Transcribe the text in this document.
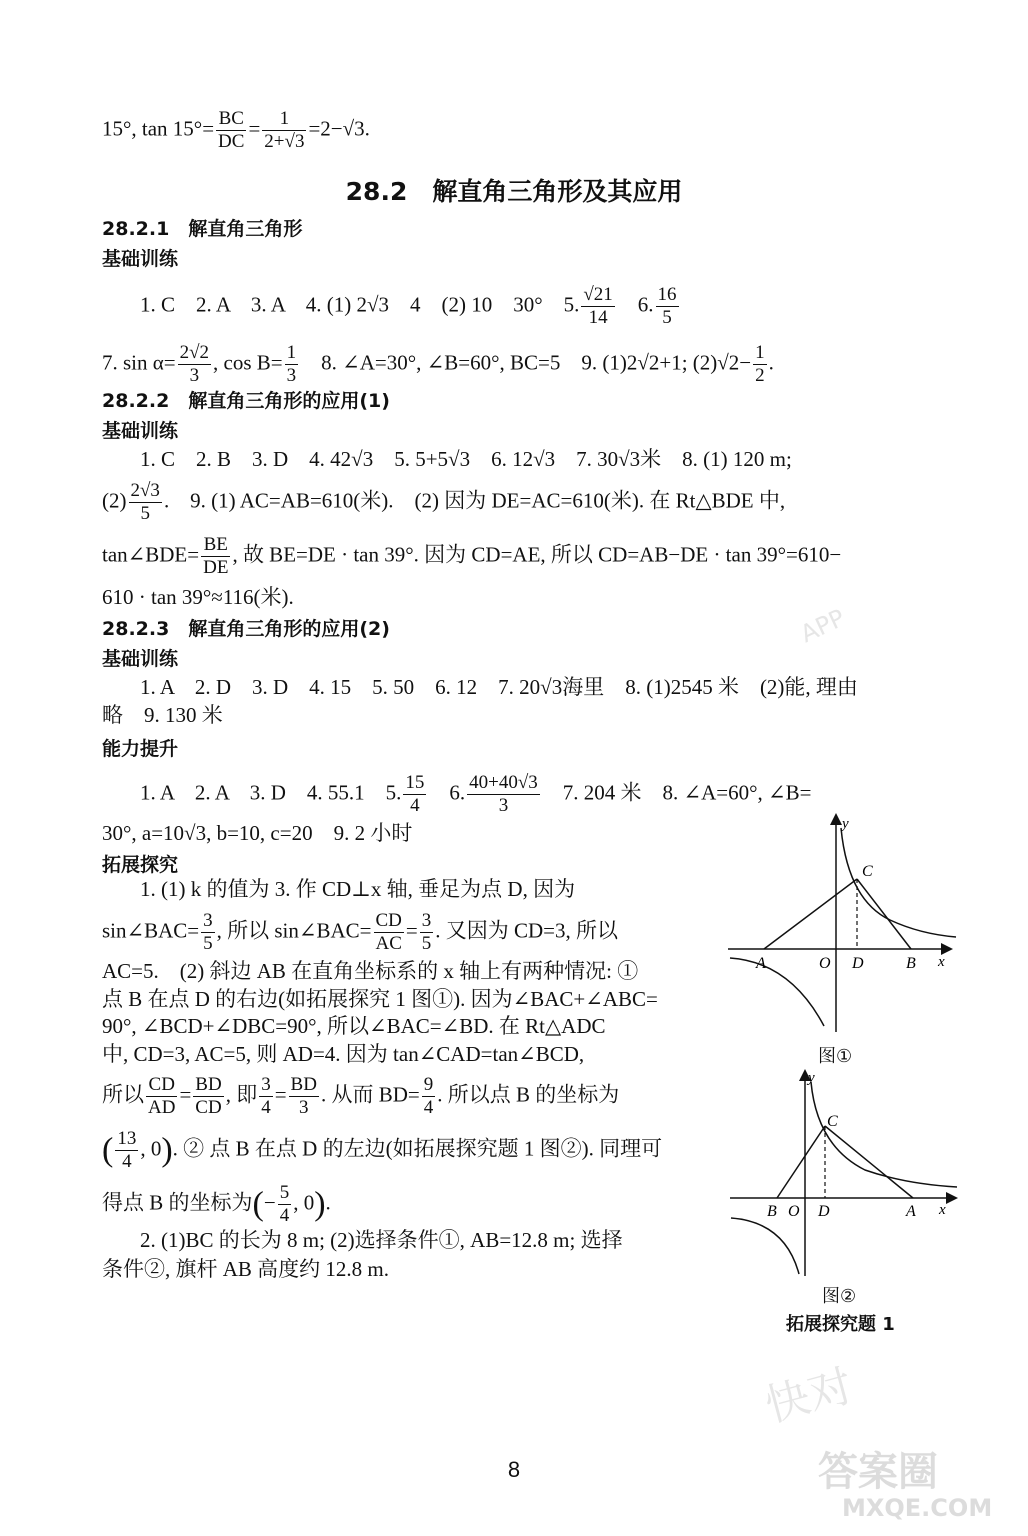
15°, $\tan 15^\circ= \frac{BC}{DC} = \frac{1}{2+√3} =2-√3$.
28.2　解直角三角形及其应用
28.2.1　解直角三角形
基础训练
1. C　2. A　3. A　4. (1) 2√3　4　(2) 10　30°　5. $\frac{√21}{14}$ 　6. $\frac{16}{5}$
7. $\sin \alpha= \frac{2√2}{3}$ , $\cos B= \frac{1}{3}$ 　8. ∠A=30°, ∠B=60°, BC=5　9. (1)2√2+1; $(2)√2- \frac{1}{2}$ .
28.2.2　解直角三角形的应用(1)
基础训练
1. C　2. B　3. D　4. 42√3　5. 5+5√3　6. 12√3　7. 30√3米　8. (1) 120 m;
$(2) \frac{2√3}{5}$ .　9. (1) AC=AB=610(米).　(2) 因为 DE=AC=610(米). 在 Rt△BDE 中,
tan∠BDE= $\frac{BE}{DE}$ , 故 BE=DE · tan 39°. 因为 CD=AE, 所以 CD=AB−DE · tan 39°=610−
610 · tan 39°≈116(米).
28.2.3　解直角三角形的应用(2)
基础训练
1. A　2. D　3. D　4. 15　5. 50　6. 12　7. 20√3海里　8. (1)2545 米　(2)能, 理由
略　9. 130 米
能力提升
1. A　2. A　3. D　4. 55.1　5. $\frac{15}{4}$ 　6. $\frac{40+40√3}{3}$ 　7. 204 米　8. ∠A=60°, ∠B=
30°, a=10√3, b=10, c=20　9. 2 小时
拓展探究
1. (1) k 的值为 3. 作 CD⊥x 轴, 垂足为点 D, 因为
sin∠BAC= $\frac{3}{5}$ , 所以 sin∠BAC= $\frac{CD}{AC} = \frac{3}{5}$ . 又因为 CD=3, 所以
AC=5.　(2) 斜边 AB 在直角坐标系的 x 轴上有两种情况: ①
点 B 在点 D 的右边(如拓展探究 1 图①). 因为∠BAC+∠ABC=
90°, ∠BCD+∠DBC=90°, 所以∠BAC=∠BD. 在 Rt△ADC
中, CD=3, AC=5, 则 AD=4. 因为 tan∠CAD=tan∠BCD,
所以 $\frac{CD}{AD} = \frac{BD}{CD}$ , 即 $\frac{3}{4} = \frac{BD}{3}$ . 从而 $BD= \frac{9}{4}$ . 所以点 B 的坐标为
( $\frac{13}{4}$ , 0). ② 点 B 在点 D 的左边(如拓展探究题 1 图②). 同理可
得点 B 的坐标为(− $\frac{5}{4}$ , 0).
2. (1)BC 的长为 8 m; (2)选择条件①, AB=12.8 m; 选择
条件②, 旗杆 AB 高度约 12.8 m.
y
C
A	O D	B x
图①
y
C
B O D	A x
图②
拓展探究题 1
APP
快对
8	答案圈
MXQE.COM
